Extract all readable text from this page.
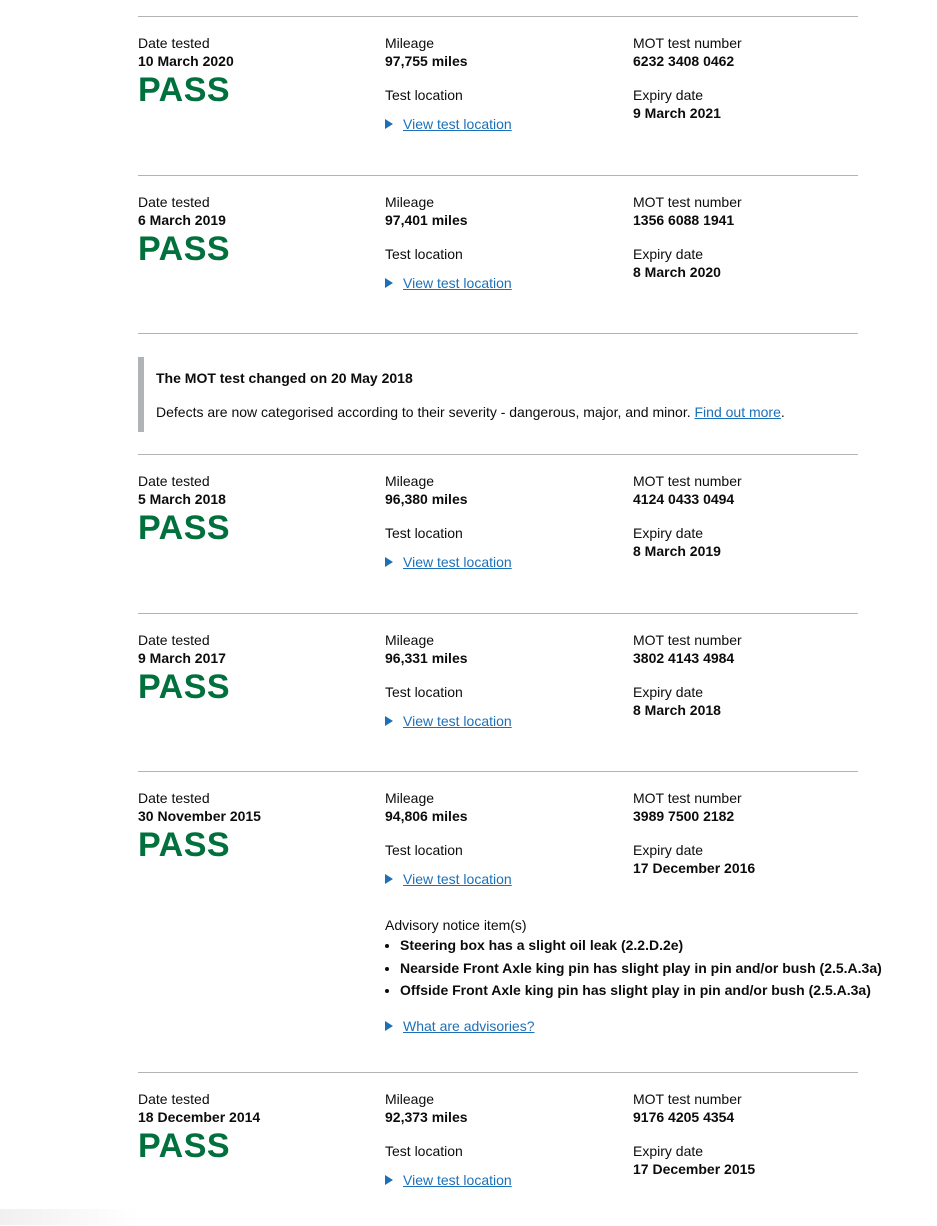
Date tested
10 March 2020
PASS
Mileage
97,755 miles
Test location
View test location
MOT test number
6232 3408 0462
Expiry date
9 March 2021
Date tested
6 March 2019
PASS
Mileage
97,401 miles
Test location
View test location
MOT test number
1356 6088 1941
Expiry date
8 March 2020
The MOT test changed on 20 May 2018
Defects are now categorised according to their severity - dangerous, major, and minor. Find out more.
Date tested
5 March 2018
PASS
Mileage
96,380 miles
Test location
View test location
MOT test number
4124 0433 0494
Expiry date
8 March 2019
Date tested
9 March 2017
PASS
Mileage
96,331 miles
Test location
View test location
MOT test number
3802 4143 4984
Expiry date
8 March 2018
Date tested
30 November 2015
PASS
Mileage
94,806 miles
Test location
View test location
MOT test number
3989 7500 2182
Expiry date
17 December 2016
Advisory notice item(s)
• Steering box has a slight oil leak (2.2.D.2e)
• Nearside Front Axle king pin has slight play in pin and/or bush (2.5.A.3a)
• Offside Front Axle king pin has slight play in pin and/or bush (2.5.A.3a)
What are advisories?
Date tested
18 December 2014
PASS
Mileage
92,373 miles
Test location
View test location
MOT test number
9176 4205 4354
Expiry date
17 December 2015
